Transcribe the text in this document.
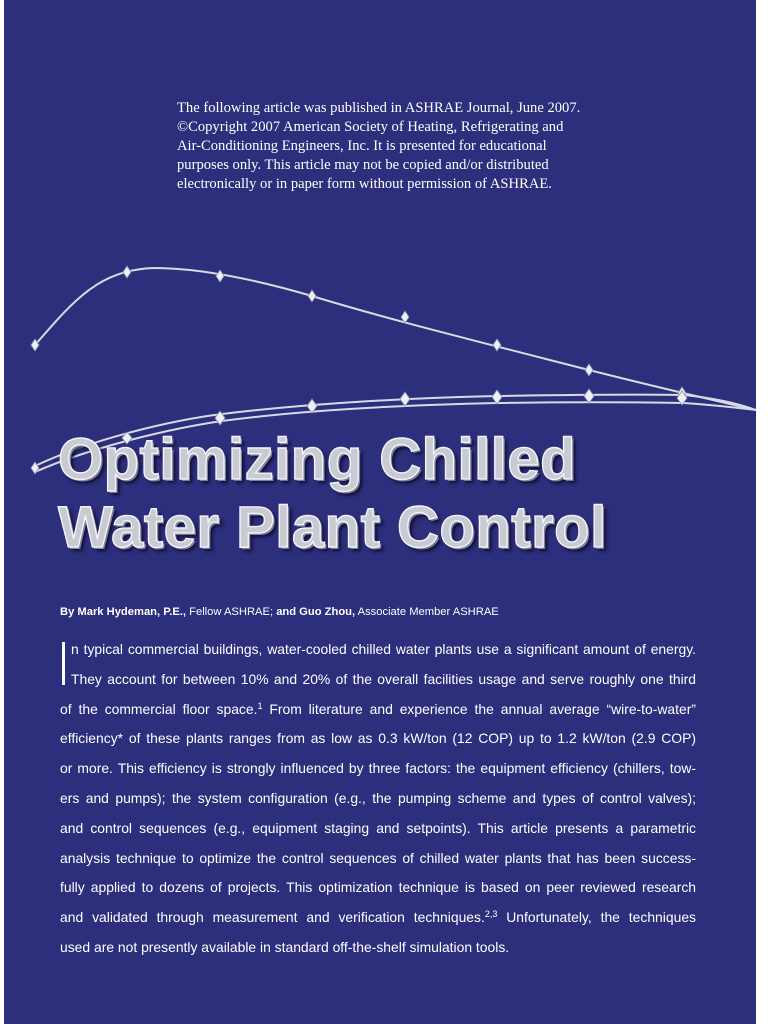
The following article was published in ASHRAE Journal, June 2007.
©Copyright 2007 American Society of Heating, Refrigerating and
Air-Conditioning Engineers, Inc. It is presented for educational
purposes only. This article may not be copied and/or distributed
electronically or in paper form without permission of ASHRAE.

Optimizing Chilled
Water Plant Control
By Mark Hydeman, P.E., Fellow ASHRAE; and Guo Zhou, Associate Member ASHRAE
n typical commercial buildings, water-cooled chilled water plants use a significant amount of energy.
They account for between 10% and 20% of the overall facilities usage and serve roughly one third
of the commercial floor space.$^1$ From literature and experience the annual average “wire-to-water”
efficiency* of these plants ranges from as low as 0.3 kW/ton (12 COP) up to 1.2 kW/ton (2.9 COP)
or more. This efficiency is strongly influenced by three factors: the equipment efficiency (chillers, tow-
ers and pumps); the system configuration (e.g., the pumping scheme and types of control valves);
and control sequences (e.g., equipment staging and setpoints). This article presents a parametric
analysis technique to optimize the control sequences of chilled water plants that has been success-
fully applied to dozens of projects. This optimization technique is based on peer reviewed research
and validated through measurement and verification techniques.$^{2,3}$ Unfortunately, the techniques
used are not presently available in standard off-the-shelf simulation tools.
